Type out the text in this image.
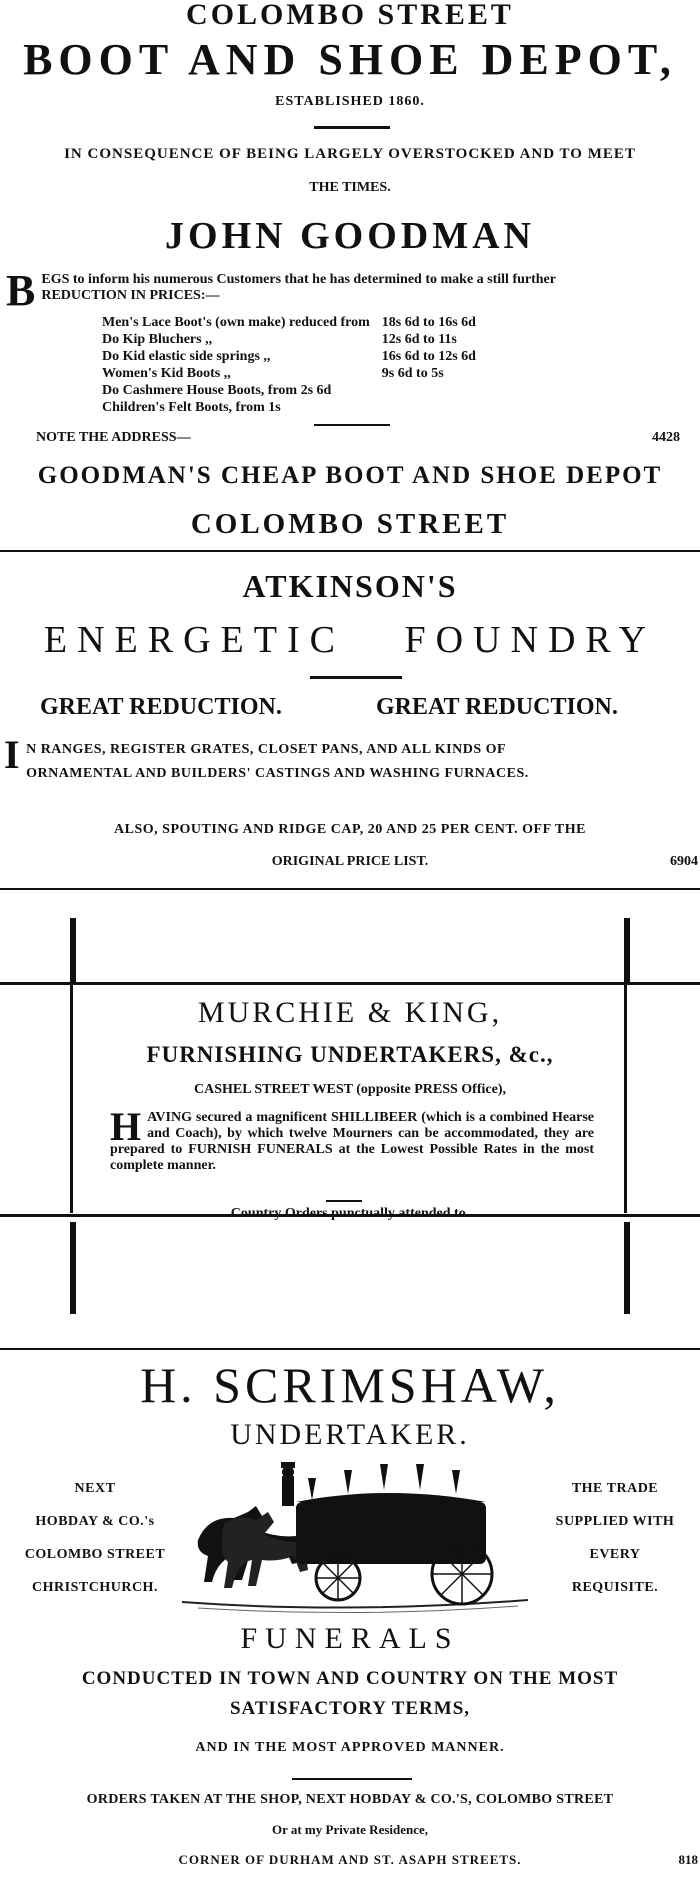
COLOMBO STREET
BOOT AND SHOE DEPOT,
ESTABLISHED 1860.
IN CONSEQUENCE OF BEING LARGELY OVERSTOCKED AND TO MEET
THE TIMES.
JOHN GOODMAN
B EGS to inform his numerous Customers that he has determined to make a still further
REDUCTION IN PRICES:—
Men's Lace Boot's (own make) reduced from	18s 6d to 16s 6d
Do Kip Bluchers ,,	12s 6d to 11s
Do Kid elastic side springs ,,	16s 6d to 12s 6d
Women's Kid Boots ,,	9s 6d to 5s
Do Cashmere House Boots, from 2s 6d	
Children's Felt Boots, from 1s	
NOTE THE ADDRESS—	4428
GOODMAN'S CHEAP BOOT AND SHOE DEPOT
COLOMBO STREET
ATKINSON'S
ENERGETIC FOUNDRY
GREAT REDUCTION.	GREAT REDUCTION.
I N RANGES, REGISTER GRATES, CLOSET PANS, AND ALL KINDS OF
ORNAMENTAL AND BUILDERS' CASTINGS AND WASHING FURNACES.
ALSO, SPOUTING AND RIDGE CAP, 20 AND 25 PER CENT. OFF THE
ORIGINAL PRICE LIST.	6904
MURCHIE & KING,
FURNISHING UNDERTAKERS, &c.,
CASHEL STREET WEST (opposite PRESS Office),
H AVING secured a magnificent SHILLIBEER (which is a combined Hearse and Coach), by which twelve Mourners can be accommodated, they are prepared to FURNISH FUNERALS at the Lowest Possible Rates in the most complete manner.
Country Orders punctually attended to.
H. SCRIMSHAW,
UNDERTAKER.
NEXT
HOBDAY & CO.'s
COLOMBO STREET
CHRISTCHURCH.
THE TRADE
SUPPLIED WITH
EVERY
REQUISITE.
FUNERALS
CONDUCTED IN TOWN AND COUNTRY ON THE MOST
SATISFACTORY TERMS,
AND IN THE MOST APPROVED MANNER.
ORDERS TAKEN AT THE SHOP, NEXT HOBDAY & CO.'S, COLOMBO STREET
Or at my Private Residence,
CORNER OF DURHAM AND ST. ASAPH STREETS.	818
